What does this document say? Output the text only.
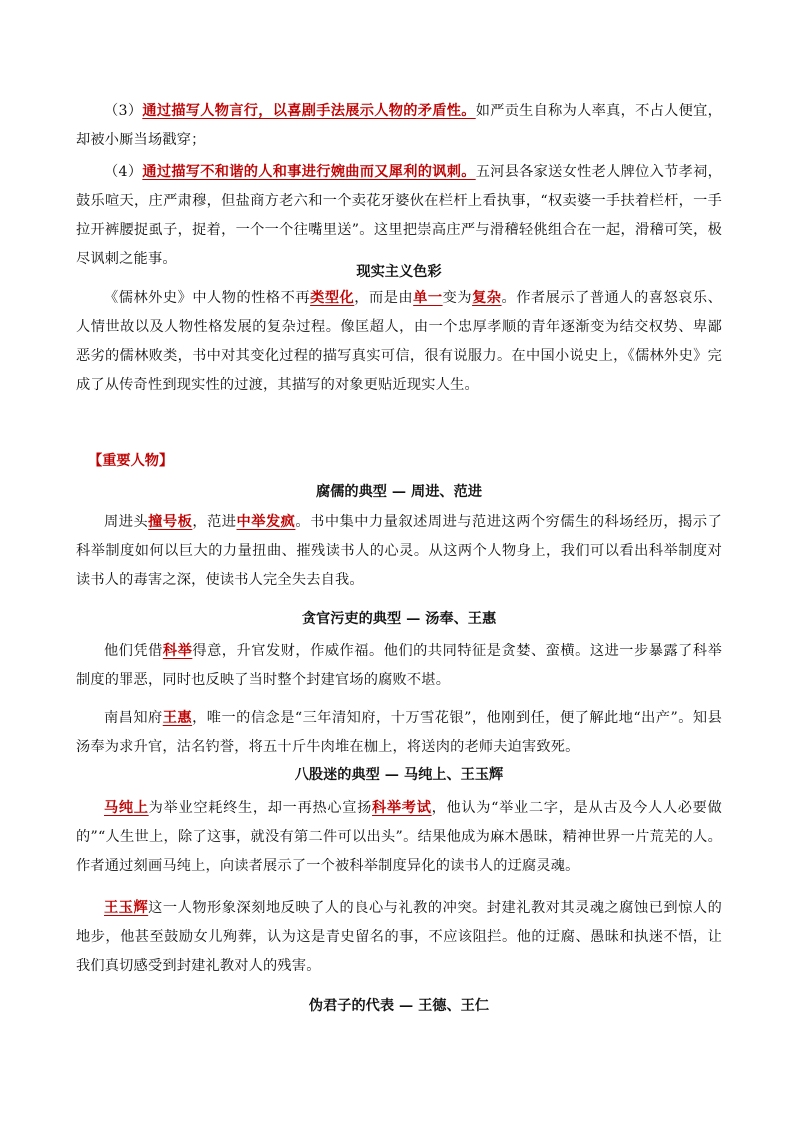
（3）通过描写人物言行，以喜剧手法展示人物的矛盾性。如严贡生自称为人率真，不占人便宜，却被小厮当场戳穿；
（4）通过描写不和谐的人和事进行婉曲而又犀利的讽刺。五河县各家送女性老人牌位入节孝祠，鼓乐喧天，庄严肃穆，但盐商方老六和一个卖花牙婆伙在栏杆上看执事，“权卖婆一手扶着栏杆，一手拉开裤腰捉虱子，捉着，一个一个往嘴里送”。这里把崇高庄严与滑稽轻佻组合在一起，滑稽可笑，极尽讽刺之能事。
现实主义色彩
《儒林外史》中人物的性格不再类型化，而是由单一变为复杂。作者展示了普通人的喜怒哀乐、人情世故以及人物性格发展的复杂过程。像匡超人，由一个忠厚孝顺的青年逐渐变为结交权势、卑鄙恶劣的儒林败类，书中对其变化过程的描写真实可信，很有说服力。在中国小说史上，《儒林外史》完成了从传奇性到现实性的过渡，其描写的对象更贴近现实人生。
【重要人物】
腐儒的典型 — 周进、范进
周进头撞号板，范进中举发疯。书中集中力量叙述周进与范进这两个穷儒生的科场经历，揭示了科举制度如何以巨大的力量扭曲、摧残读书人的心灵。从这两个人物身上，我们可以看出科举制度对读书人的毒害之深，使读书人完全失去自我。
贪官污吏的典型 — 汤奉、王惠
他们凭借科举得意，升官发财，作威作福。他们的共同特征是贪婪、蛮横。这进一步暴露了科举制度的罪恶，同时也反映了当时整个封建官场的腐败不堪。
南昌知府王惠，唯一的信念是“三年清知府，十万雪花银”，他刚到任，便了解此地“出产”。知县汤奉为求升官，沽名钓誉，将五十斤牛肉堆在枷上，将送肉的老师夫迫害致死。
八股迷的典型 — 马纯上、王玉辉
马纯上为举业空耗终生，却一再热心宣扬科举考试，他认为“举业二字，是从古及今人人必要做的”“人生世上，除了这事，就没有第二件可以出头”。结果他成为麻木愚昧，精神世界一片荒芜的人。作者通过刻画马纯上，向读者展示了一个被科举制度异化的读书人的迂腐灵魂。
王玉辉这一人物形象深刻地反映了人的良心与礼教的冲突。封建礼教对其灵魂之腐蚀已到惊人的地步，他甚至鼓励女儿殉葬，认为这是青史留名的事，不应该阻拦。他的迂腐、愚昧和执迷不悟，让我们真切感受到封建礼教对人的残害。
伪君子的代表 — 王德、王仁
